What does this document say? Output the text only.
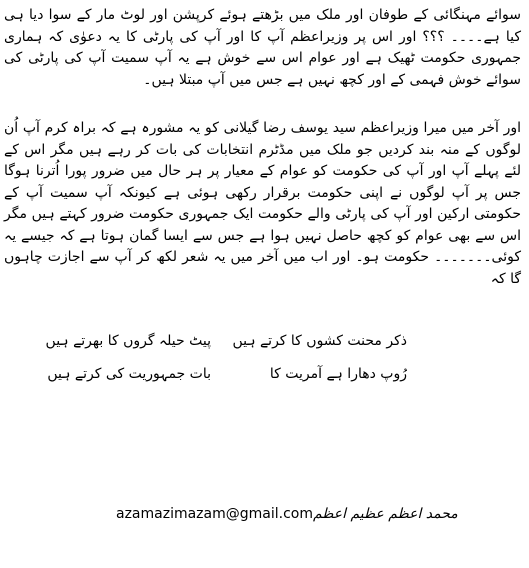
سوائے مہنگائی کے طوفان اور ملک میں بڑھتے ہوئے کرپشن اور لوٹ مار کے سوا دیا ہی کیا ہے۔۔۔۔ ؟؟؟ اور اس پر وزیراعظم آپ کا اور آپ کی پارٹی کا یہ دعوٰی کہ ہماری جمہوری حکومت ٹھیک ہے اور عوام اس سے خوش ہے یہ آپ سمیت آپ کی پارٹی کی سوائے خوش فہمی کے اور کچھ نہیں ہے جس میں آپ مبتلا ہیں۔

اور آخر میں میرا وزیراعظم سید یوسف رضا گیلانی کو یہ مشورہ ہے کہ براہ کرم آپ اُن لوگوں کے منہ بند کردیں جو ملک میں مڈٹرم انتخابات کی بات کر رہے ہیں مگر اس کے لئے پہلے آپ اور آپ کی حکومت کو عوام کے معیار پر ہر حال میں ضرور پورا اُترنا ہوگا جس پر آپ لوگوں نے اپنی حکومت برقرار رکھی ہوئی ہے کیونکہ آپ سمیت آپ کے حکومتی ارکین اور آپ کی پارٹی والے حکومت ایک جمہوری حکومت ضرور کہتے ہیں مگر اس سے بھی عوام کو کچھ حاصل نہیں ہوا ہے جس سے ایسا گمان ہوتا ہے کہ جیسے یہ کوئی۔۔۔۔۔۔۔ حکومت ہو۔ اور اب میں آخر میں یہ شعر لکھ کر آپ سے اجازت چاہوں گا کہ

ذکر محنت کشوں کا کرتے ہیں
پیٹ حیلہ گروں کا بھرتے ہیں
رُوپ دھارا ہے آمریت کا
بات جمہوریت کی کرتے ہیں
azamazimazam@gmail.comمحمد اعظم عظیم اعظم
